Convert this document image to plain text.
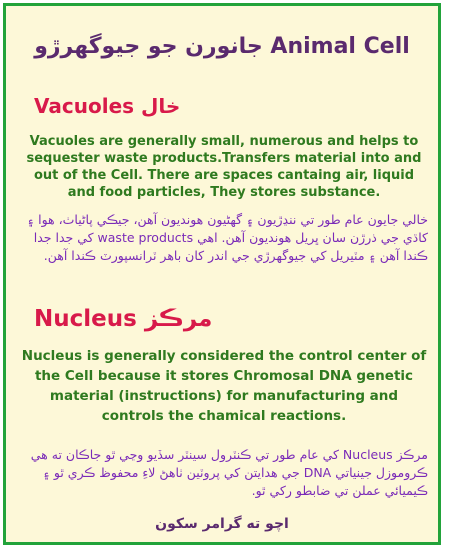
جانورن جو جيوگهرڙو Animal Cell
Vacuoles خال
Vacuoles are generally small, numerous and helps to sequester waste products.Transfers material into and out of the Cell. There are spaces cantaing air, liquid and food particles, They stores substance.
خالي جايون عام طور تي ننڍڙيون ۽ گهڻيون هونديون آهن، جيڪي پاڻياٺ، هوا ۽ کاڌي جي ذرڙن سان ڀريل هونديون آهن. اهي waste products کي جدا جدا ڪندا آهن ۽ مٽيريل کي جيوگهرڙي جي اندر کان باهر ٽرانسپورٽ ڪندا آهن.
Nucleus مرڪز
Nucleus is generally considered the control center of the Cell because it stores Chromosal DNA genetic material (instructions) for manufacturing and controls the chamical reactions.
مرڪز Nucleus کي عام طور تي ڪنٽرول سينٽر سڏيو وڃي ٿو جاڪان ته هي ڪروموزل جينياتي DNA جي هدايتن کي پروٽين ٺاهڻ لاءِ محفوظ ڪري ٿو ۽ ڪيميائي عملن تي ضابطو رکي ٿو.
اچو ته گرامر سکون
